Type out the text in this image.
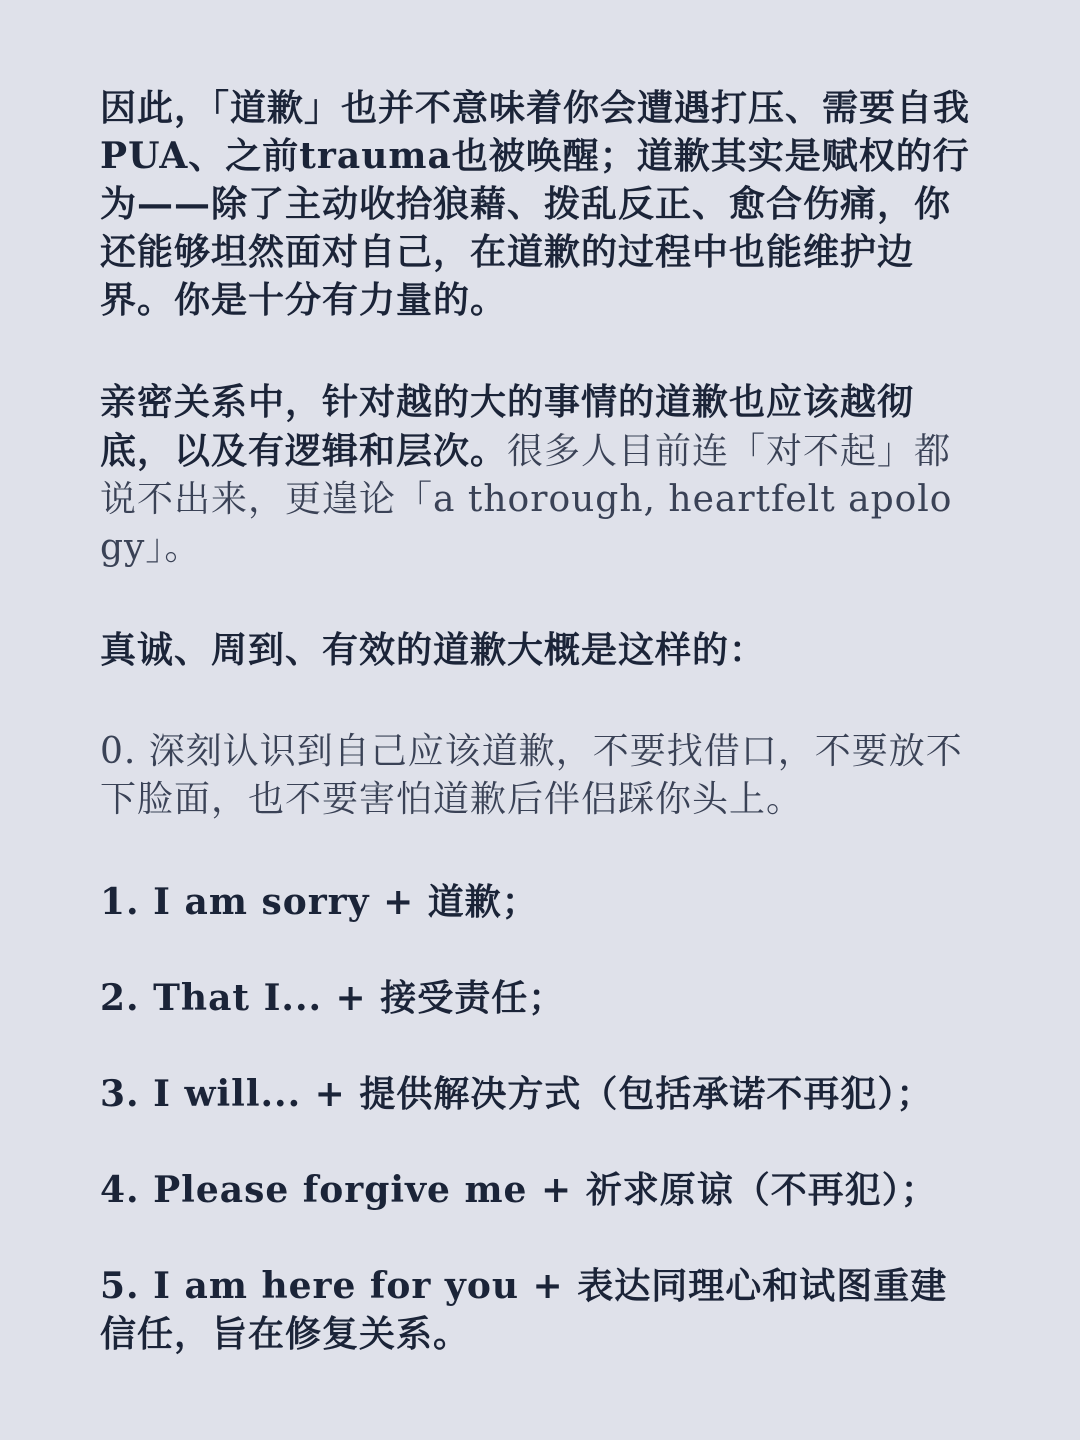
因此，「道歉」也并不意味着你会遭遇打压、需要自我PUA、之前trauma也被唤醒；道歉其实是赋权的行为——除了主动收拾狼藉、拨乱反正、愈合伤痛，你还能够坦然面对自己，在道歉的过程中也能维护边界。你是十分有力量的。

亲密关系中，针对越的大的事情的道歉也应该越彻底，以及有逻辑和层次。很多人目前连「对不起」都说不出来，更遑论「a thorough, heartfelt apology」。

真诚、周到、有效的道歉大概是这样的：

0. 深刻认识到自己应该道歉，不要找借口，不要放不下脸面，也不要害怕道歉后伴侣踩你头上。

1. I am sorry + 道歉；

2. That I... + 接受责任；

3. I will... + 提供解决方式（包括承诺不再犯）；

4. Please forgive me + 祈求原谅（不再犯）；

5. I am here for you + 表达同理心和试图重建信任，旨在修复关系。
